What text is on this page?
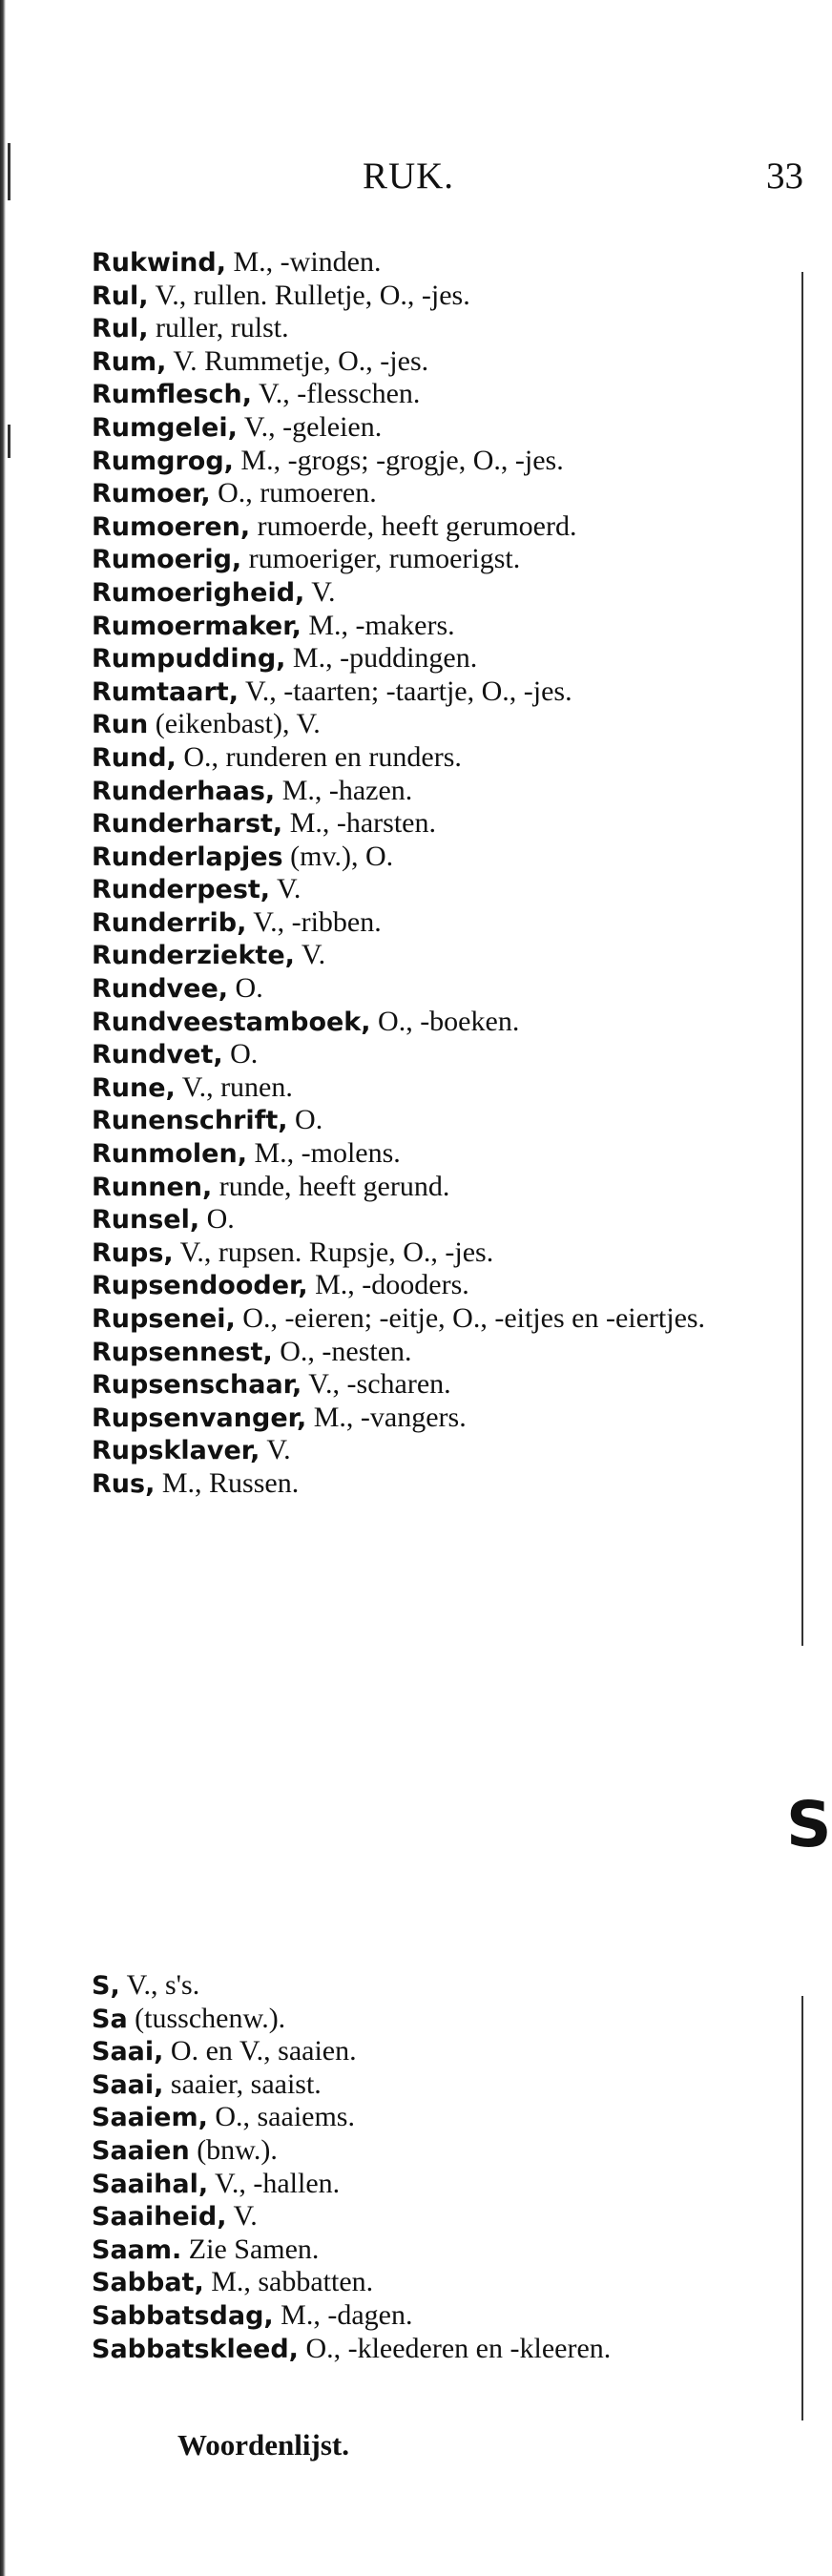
RUK.	33
Rukwind, M., -winden.
Rul, V., rullen. Rulletje, O., -jes.
Rul, ruller, rulst.
Rum, V. Rummetje, O., -jes.
Rumflesch, V., -flesschen.
Rumgelei, V., -geleien.
Rumgrog, M., -grogs; -grogje, O., -jes.
Rumoer, O., rumoeren.
Rumoeren, rumoerde, heeft gerumoerd.
Rumoerig, rumoeriger, rumoerigst.
Rumoerigheid, V.
Rumoermaker, M., -makers.
Rumpudding, M., -puddingen.
Rumtaart, V., -taarten; -taartje, O., -jes.
Run (eikenbast), V.
Rund, O., runderen en runders.
Runderhaas, M., -hazen.
Runderharst, M., -harsten.
Runderlapjes (mv.), O.
Runderpest, V.
Runderrib, V., -ribben.
Runderziekte, V.
Rundvee, O.
Rundveestamboek, O., -boeken.
Rundvet, O.
Rune, V., runen.
Runenschrift, O.
Runmolen, M., -molens.
Runnen, runde, heeft gerund.
Runsel, O.
Rups, V., rupsen. Rupsje, O., -jes.
Rupsendooder, M., -dooders.
Rupsenei, O., -eieren; -eitje, O., -eitjes en -eiertjes.
Rupsennest, O., -nesten.
Rupsenschaar, V., -scharen.
Rupsenvanger, M., -vangers.
Rupsklaver, V.
Rus, M., Russen.
S
S, V., s's.
Sa (tusschenw.).
Saai, O. en V., saaien.
Saai, saaier, saaist.
Saaiem, O., saaiems.
Saaien (bnw.).
Saaihal, V., -hallen.
Saaiheid, V.
Saam. Zie Samen.
Sabbat, M., sabbatten.
Sabbatsdag, M., -dagen.
Sabbatskleed, O., -kleederen en -kleeren.
Woordenlijst.
